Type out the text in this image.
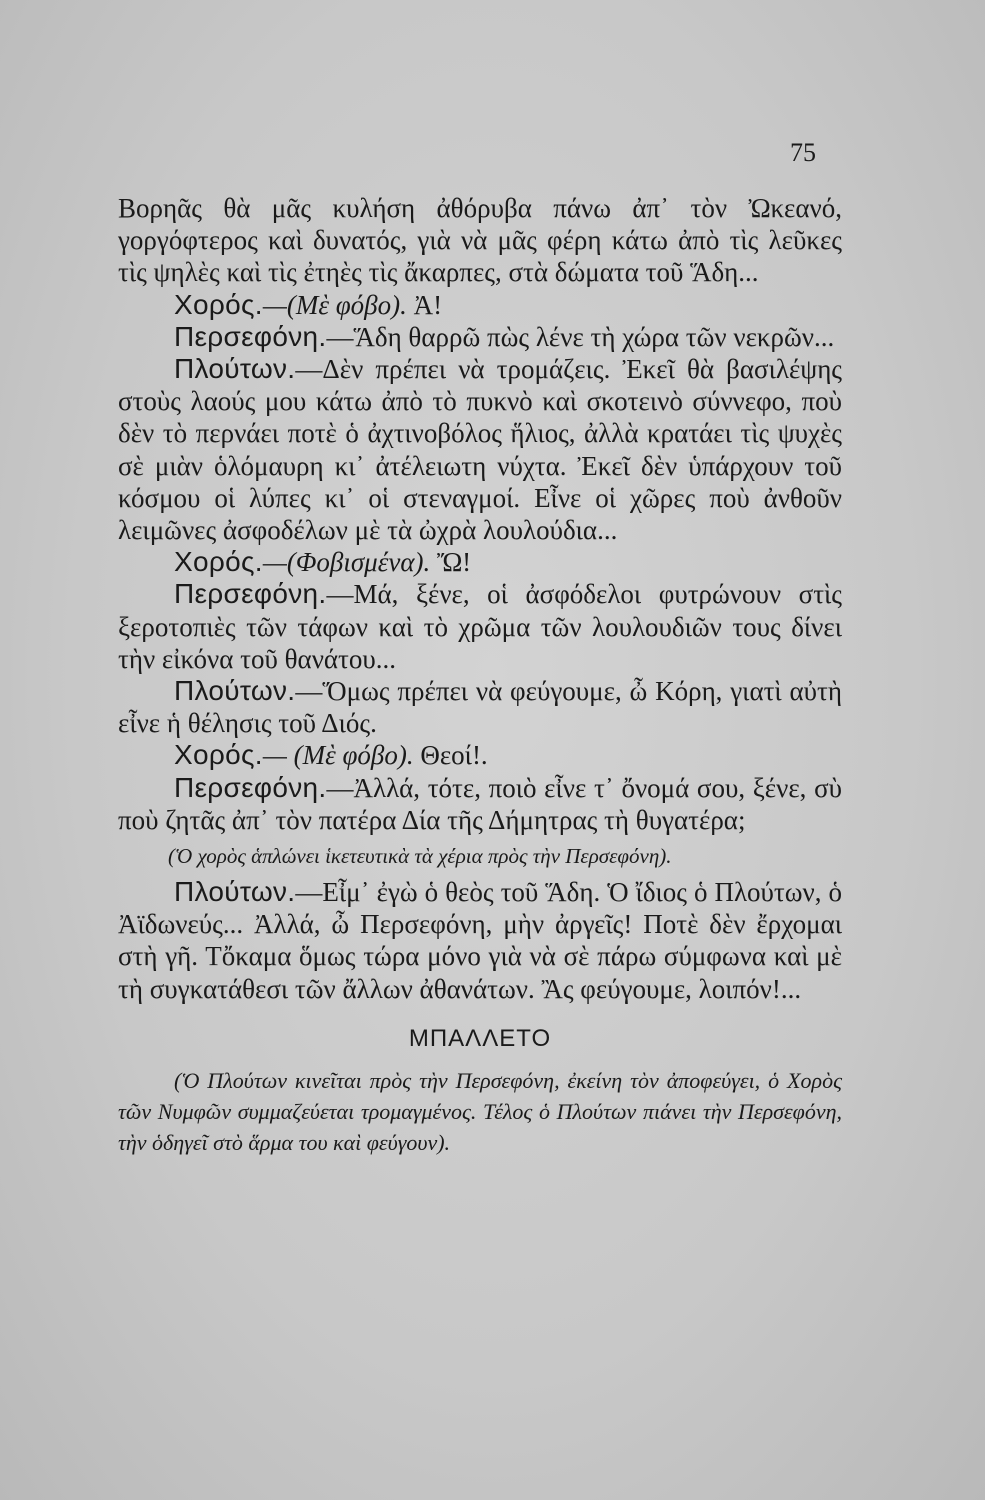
75

Βορηᾶς θὰ μᾶς κυλήση ἀθόρυβα πάνω ἀπ᾽ τὸν Ὠκεανό, γοργόφτερος καὶ δυνατός, γιὰ νὰ μᾶς φέρη κάτω ἀπὸ τὶς λεῦκες τὶς ψηλὲς καὶ τὶς ἐτηὲς τὶς ἄκαρπες, στὰ δώματα τοῦ Ἅδη...

Χορός.—(Μὲ φόβο). Ἀ!

Περσεφόνη.—Ἅδη θαρρῶ πὼς λένε τὴ χώρα τῶν νεκρῶν...

Πλούτων.—Δὲν πρέπει νὰ τρομάζεις. Ἐκεῖ θὰ βασιλέψης στοὺς λαούς μου κάτω ἀπὸ τὸ πυκνὸ καὶ σκοτεινὸ σύννεφο, ποὺ δὲν τὸ περνάει ποτὲ ὁ ἀχτινοβόλος ἥλιος, ἀλλὰ κρατάει τὶς ψυχὲς σὲ μιὰν ὁλόμαυρη κι᾽ ἀτέλειωτη νύχτα. Ἐκεῖ δὲν ὑπάρχουν τοῦ κόσμου οἱ λύπες κι᾽ οἱ στεναγμοί. Εἶνε οἱ χῶρες ποὺ ἀνθοῦν λειμῶνες ἀσφοδέλων μὲ τὰ ὠχρὰ λουλούδια...

Χορός.—(Φοβισμένα). Ὤ!

Περσεφόνη.—Μά, ξένε, οἱ ἀσφόδελοι φυτρώνουν στὶς ξεροτοπιὲς τῶν τάφων καὶ τὸ χρῶμα τῶν λουλουδιῶν τους δίνει τὴν εἰκόνα τοῦ θανάτου...

Πλούτων.—Ὅμως πρέπει νὰ φεύγουμε, ὦ Κόρη, γιατὶ αὐτὴ εἶνε ἡ θέλησις τοῦ Διός.

Χορός.— (Μὲ φόβο). Θεοί!.

Περσεφόνη.—Ἀλλά, τότε, ποιὸ εἶνε τ᾽ ὄνομά σου, ξένε, σὺ ποὺ ζητᾶς ἀπ᾽ τὸν πατέρα Δία τῆς Δήμητρας τὴ θυγατέρα;

(Ὁ χορὸς ἁπλώνει ἱκετευτικὰ τὰ χέρια πρὸς τὴν Περσεφόνη).

Πλούτων.—Εἶμ᾽ ἐγὼ ὁ θεὸς τοῦ Ἅδη. Ὁ ἴδιος ὁ Πλούτων, ὁ Ἀϊδωνεύς... Ἀλλά, ὦ Περσεφόνη, μὴν ἀργεῖς! Ποτὲ δὲν ἔρχομαι στὴ γῆ. Τὄκαμα ὅμως τώρα μόνο γιὰ νὰ σὲ πάρω σύμφωνα καὶ μὲ τὴ συγκατάθεσι τῶν ἄλλων ἀθανάτων. Ἂς φεύγουμε, λοιπόν!...

ΜΠΑΛΛΕΤΟ

(Ὁ Πλούτων κινεῖται πρὸς τὴν Περσεφόνη, ἐκείνη τὸν ἀποφεύγει, ὁ Χορὸς τῶν Νυμφῶν συμμαζεύεται τρομαγμένος. Τέλος ὁ Πλούτων πιάνει τὴν Περσεφόνη, τὴν ὁδηγεῖ στὸ ἅρμα του καὶ φεύγουν).
